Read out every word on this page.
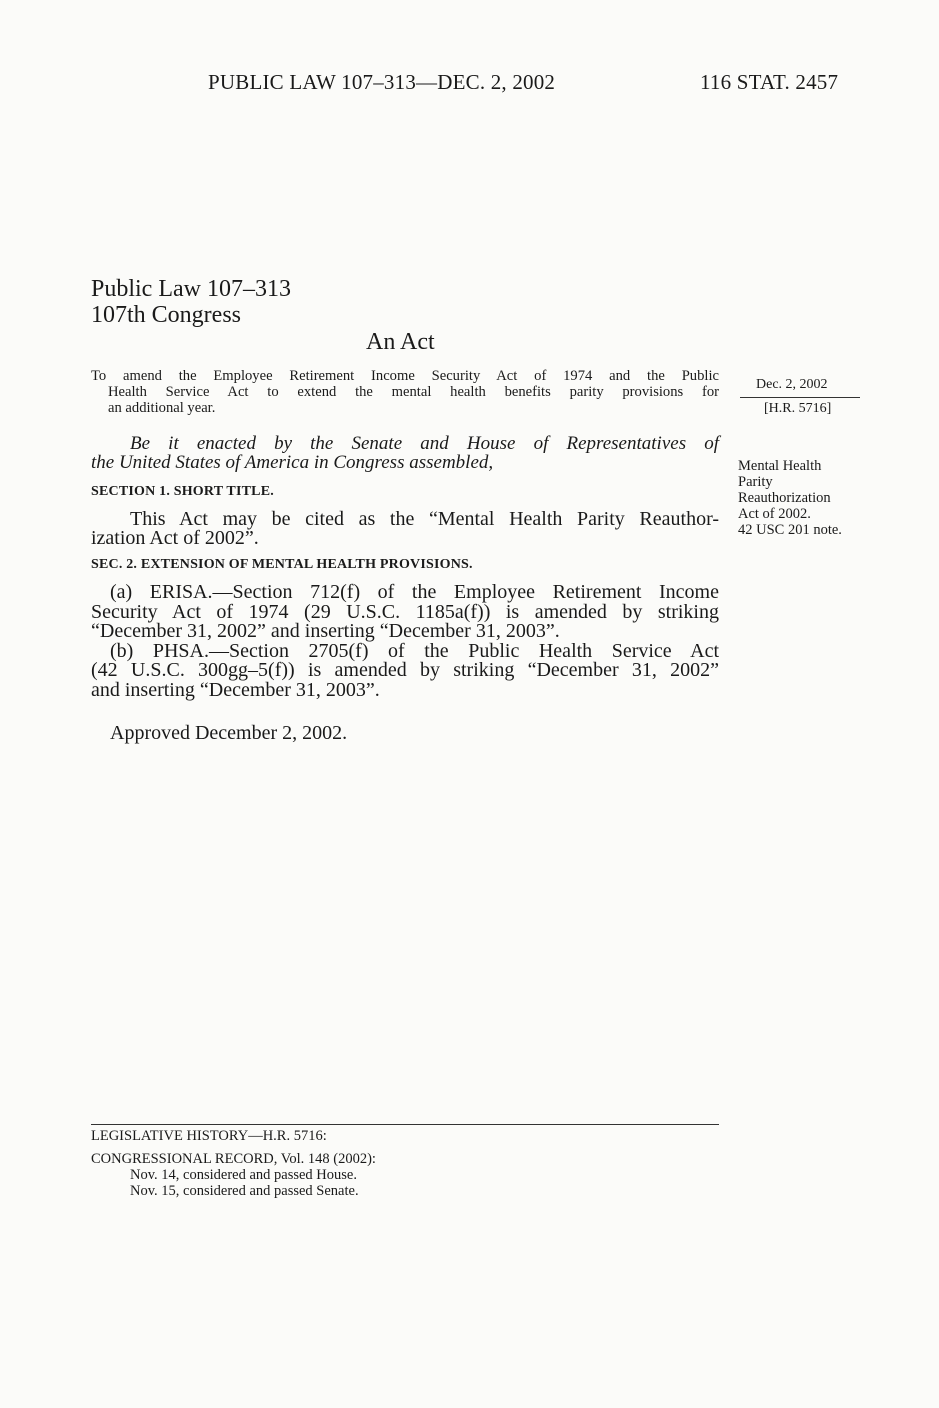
PUBLIC LAW 107–313—DEC. 2, 2002	116 STAT. 2457
Public Law 107–313
107th Congress
An Act
To amend the Employee Retirement Income Security Act of 1974 and the Public
Health Service Act to extend the mental health benefits parity provisions for
an additional year.
Dec. 2, 2002
[H.R. 5716]
Be it enacted by the Senate and House of Representatives of
the United States of America in Congress assembled,	Mental Health
Parity
Reauthorization
Act of 2002.
42 USC 201 note.
SECTION 1. SHORT TITLE.
This Act may be cited as the “Mental Health Parity Reauthor-
ization Act of 2002”.
SEC. 2. EXTENSION OF MENTAL HEALTH PROVISIONS.
(a) ERISA.—Section 712(f) of the Employee Retirement Income
Security Act of 1974 (29 U.S.C. 1185a(f)) is amended by striking
“December 31, 2002” and inserting “December 31, 2003”.
(b) PHSA.—Section 2705(f) of the Public Health Service Act
(42 U.S.C. 300gg–5(f)) is amended by striking “December 31, 2002”
and inserting “December 31, 2003”.
Approved December 2, 2002.
LEGISLATIVE HISTORY—H.R. 5716:
CONGRESSIONAL RECORD, Vol. 148 (2002):
Nov. 14, considered and passed House.
Nov. 15, considered and passed Senate.
